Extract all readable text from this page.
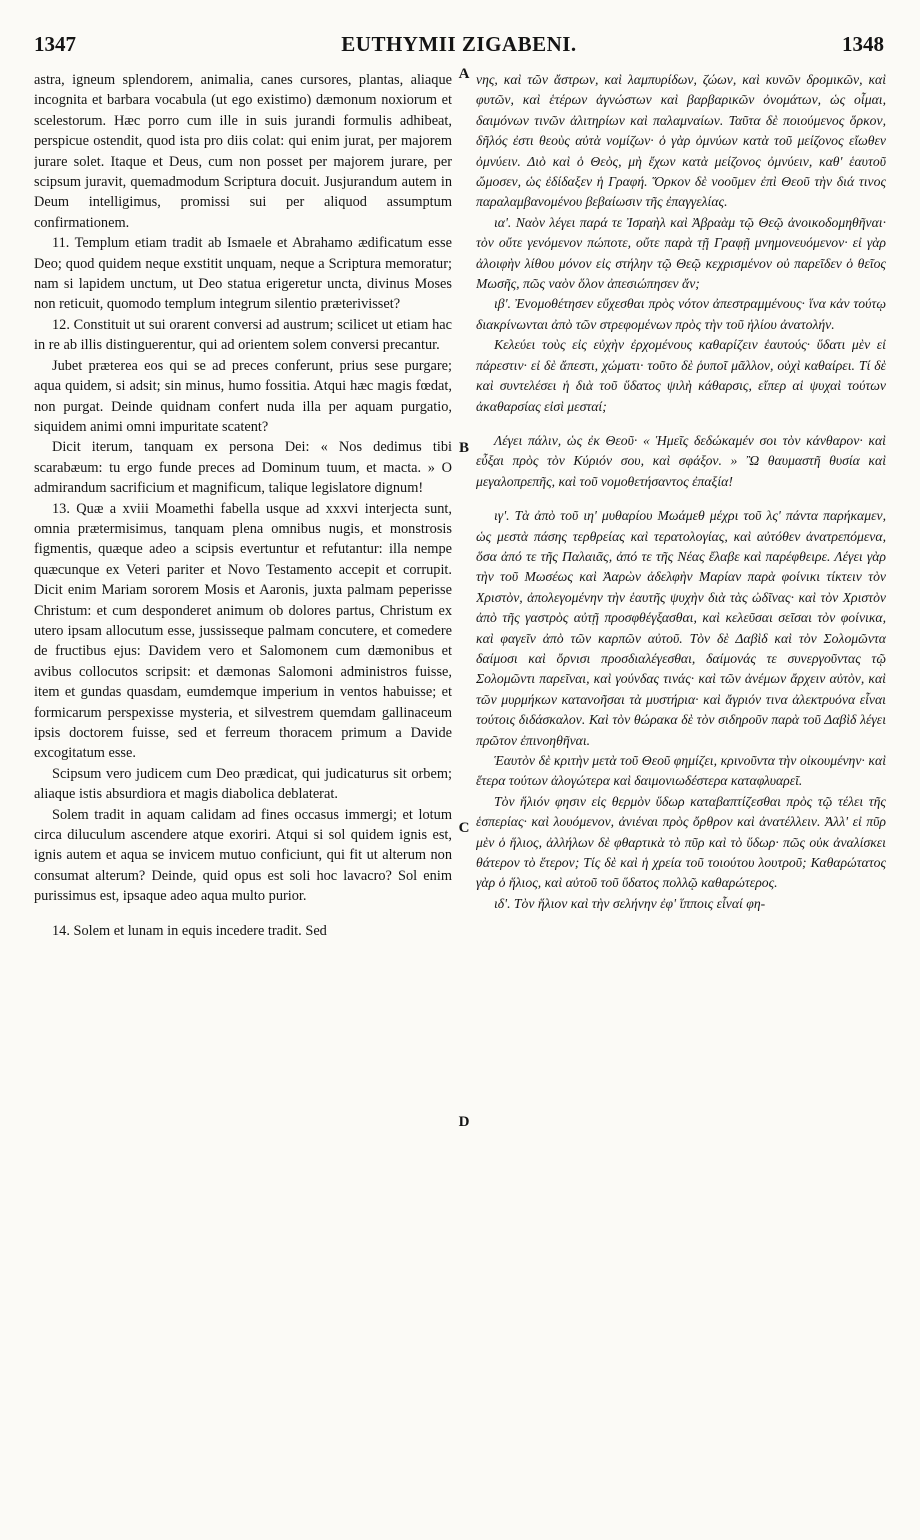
1347	EUTHYMII ZIGABENI.	1348

astra, igneum splendorem, animalia, canes cursores, plantas, aliaque incognita et barbara vocabula (ut ego existimo) dæmonum noxiorum et scelestorum. Hæc porro cum ille in suis jurandi formulis adhibeat, perspicue ostendit, quod ista pro diis colat: qui enim jurat, per majorem jurare solet. Itaque et Deus, cum non posset per majorem jurare, per scipsum juravit, quemadmodum Scriptura docuit. Jusjurandum autem in Deum intelligimus, promissi sui per aliquod assumptum confirmationem.

11. Templum etiam tradit ab Ismaele et Abrahamo ædificatum esse Deo; quod quidem neque exstitit unquam, neque a Scriptura memoratur; nam si lapidem unctum, ut Deo statua erigeretur uncta, divinus Moses non reticuit, quomodo templum integrum silentio præterivisset?

12. Constituit ut sui orarent conversi ad austrum; scilicet ut etiam hac in re ab illis distinguerentur, qui ad orientem solem conversi precantur.

Jubet præterea eos qui se ad preces conferunt, prius sese purgare; aqua quidem, si adsit; sin minus, humo fossitia. Atqui hæc magis fœdat, non purgat. Deinde quidnam confert nuda illa per aquam purgatio, siquidem animi omni impuritate scatent?

Dicit iterum, tanquam ex persona Dei: « Nos dedimus tibi scarabæum: tu ergo funde preces ad Dominum tuum, et macta. » O admirandum sacrificium et magnificum, talique legislatore dignum!

13. Quæ a xviii Moamethi fabella usque ad xxxvi interjecta sunt, omnia prætermisimus, tanquam plena omnibus nugis, et monstrosis figmentis, quæque adeo a scipsis evertuntur et refutantur: illa nempe quæcunque ex Veteri pariter et Novo Testamento accepit et corrupit. Dicit enim Mariam sororem Mosis et Aaronis, juxta palmam peperisse Christum: et cum desponderet animum ob dolores partus, Christum ex utero ipsam allocutum esse, jussisseque palmam concutere, et comedere de fructibus ejus: Davidem vero et Salomonem cum dæmonibus et avibus collocutos scripsit: et dæmonas Salomoni administros fuisse, item et gundas quasdam, eumdemque imperium in ventos habuisse; et formicarum perspexisse mysteria, et silvestrem quemdam gallinaceum ipsis doctorem fuisse, sed et ferreum thoracem primum a Davide excogitatum esse.

Scipsum vero judicem cum Deo prædicat, qui judicaturus sit orbem; aliaque istis absurdiora et magis diabolica deblaterat.

Solem tradit in aquam calidam ad fines occasus immergi; et lotum circa diluculum ascendere atque exoriri. Atqui si sol quidem ignis est, ignis autem et aqua se invicem mutuo conficiunt, qui fit ut alterum non consumat alterum? Deinde, quid opus est soli hoc lavacro? Sol enim purissimus est, ipsaque adeo aqua multo purior.

14. Solem et lunam in equis incedere tradit. Sed

νης, καὶ τῶν ἄστρων, καὶ λαμπυρίδων, ζώων, καὶ κυνῶν δρομικῶν, καὶ φυτῶν, καὶ ἑτέρων ἀγνώστων καὶ βαρβαρικῶν ὀνομάτων, ὡς οἶμαι, δαιμόνων τινῶν ἀλιτηρίων καὶ παλαμναίων. Ταῦτα δὲ ποιούμενος ὅρκον, δῆλός ἐστι θεοὺς αὐτὰ νομίζων· ὁ γὰρ ὀμνύων κατὰ τοῦ μείζονος εἴωθεν ὀμνύειν. Διὸ καὶ ὁ Θεὸς, μὴ ἔχων κατὰ μείζονος ὀμνύειν, καθ' ἑαυτοῦ ὤμοσεν, ὡς ἐδίδαξεν ἡ Γραφή. Ὅρκον δὲ νοοῦμεν ἐπὶ Θεοῦ τὴν διά τινος παραλαμβανομένου βεβαίωσιν τῆς ἐπαγγελίας.

ια'. Ναὸν λέγει παρά τε Ἰσραὴλ καὶ Ἀβραὰμ τῷ Θεῷ ἀνοικοδομηθῆναι· τὸν οὔτε γενόμενον πώποτε, οὔτε παρὰ τῇ Γραφῇ μνημονευόμενον· εἰ γὰρ ἀλοιφὴν λίθου μόνον εἰς στήλην τῷ Θεῷ κεχρισμένον οὐ παρεῖδεν ὁ θεῖος Μωσῆς, πῶς ναὸν ὅλον ἀπεσιώπησεν ἄν;

ιβ'. Ἐνομοθέτησεν εὔχεσθαι πρὸς νότον ἀπεστραμμένους· ἵνα κἀν τούτῳ διακρίνωνται ἀπὸ τῶν στρεφομένων πρὸς τὴν τοῦ ἡλίου ἀνατολήν.

Κελεύει τοὺς εἰς εὐχὴν ἐρχομένους καθαρίζειν ἑαυτούς· ὕδατι μὲν εἰ πάρεστιν· εἰ δὲ ἄπεστι, χώματι· τοῦτο δὲ ῥυποῖ μᾶλλον, οὐχὶ καθαίρει. Τί δὲ καὶ συντελέσει ἡ διὰ τοῦ ὕδατος ψιλὴ κάθαρσις, εἴπερ αἱ ψυχαὶ τούτων ἀκαθαρσίας εἰσὶ μεσταί;

Λέγει πάλιν, ὡς ἐκ Θεοῦ· « Ἡμεῖς δεδώκαμέν σοι τὸν κάνθαρον· καὶ εὖξαι πρὸς τὸν Κύριόν σου, καὶ σφάξον. » Ὢ θαυμαστῆ θυσία καὶ μεγαλοπρεπῆς, καὶ τοῦ νομοθετήσαντος ἐπαξία!

ιγ'. Τὰ ἀπὸ τοῦ ιη' μυθαρίου Μωάμεθ μέχρι τοῦ λς' πάντα παρήκαμεν, ὡς μεστὰ πάσης τερθρείας καὶ τερατολογίας, καὶ αὐτόθεν ἀνατρεπόμενα, ὅσα ἀπό τε τῆς Παλαιᾶς, ἀπό τε τῆς Νέας ἔλαβε καὶ παρέφθειρε. Λέγει γὰρ τὴν τοῦ Μωσέως καὶ Ἀαρὼν ἀδελφὴν Μαρίαν παρὰ φοίνικι τίκτειν τὸν Χριστὸν, ἀπολεγομένην τὴν ἑαυτῆς ψυχὴν διὰ τὰς ὠδῖνας· καὶ τὸν Χριστὸν ἀπὸ τῆς γαστρὸς αὐτῇ προσφθέγξασθαι, καὶ κελεῦσαι σεῖσαι τὸν φοίνικα, καὶ φαγεῖν ἀπὸ τῶν καρπῶν αὐτοῦ. Τὸν δὲ Δαβὶδ καὶ τὸν Σολομῶντα δαίμοσι καὶ ὄρνισι προσδιαλέγεσθαι, δαίμονάς τε συνεργοῦντας τῷ Σολομῶντι παρεῖναι, καὶ γούνδας τινάς· καὶ τῶν ἀνέμων ἄρχειν αὐτὸν, καὶ τῶν μυρμήκων κατανοῆσαι τὰ μυστήρια· καὶ ἄγριόν τινα ἀλεκτρυόνα εἶναι τούτοις διδάσκαλον. Καὶ τὸν θώρακα δὲ τὸν σιδηροῦν παρὰ τοῦ Δαβὶδ λέγει πρῶτον ἐπινοηθῆναι.

Ἑαυτὸν δὲ κριτὴν μετὰ τοῦ Θεοῦ φημίζει, κρινοῦντα τὴν οἰκουμένην· καὶ ἕτερα τούτων ἀλογώτερα καὶ δαιμονιωδέστερα καταφλυαρεῖ.

Τὸν ἥλιόν φησιν εἰς θερμὸν ὕδωρ καταβαπτίζεσθαι πρὸς τῷ τέλει τῆς ἑσπερίας· καὶ λουόμενον, ἀνιέναι πρὸς ὄρθρον καὶ ἀνατέλλειν. Ἀλλ' εἰ πῦρ μὲν ὁ ἥλιος, ἀλλήλων δὲ φθαρτικὰ τὸ πῦρ καὶ τὸ ὕδωρ· πῶς οὐκ ἀναλίσκει θάτερον τὸ ἕτερον; Τίς δὲ καὶ ἡ χρεία τοῦ τοιούτου λουτροῦ; Καθαρώτατος γὰρ ὁ ἥλιος, καὶ αὐτοῦ τοῦ ὕδατος πολλῷ καθαρώτερος.

ιδ'. Τὸν ἥλιον καὶ τὴν σελήνην ἐφ' ἵπποις εἶναί φη-

A
B
C
D
